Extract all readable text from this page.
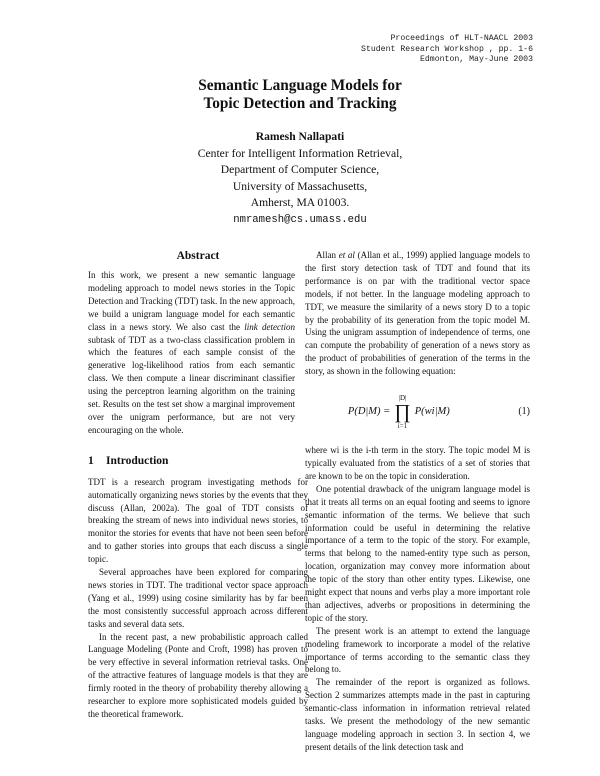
Proceedings of HLT-NAACL 2003
Student Research Workshop , pp. 1-6
Edmonton, May-June 2003
Semantic Language Models for
Topic Detection and Tracking
Ramesh Nallapati
Center for Intelligent Information Retrieval,
Department of Computer Science,
University of Massachusetts,
Amherst, MA 01003.
nmramesh@cs.umass.edu
Abstract

In this work, we present a new semantic language modeling approach to model news stories in the Topic Detection and Tracking (TDT) task. In the new approach, we build a unigram language model for each semantic class in a news story. We also cast the link detection subtask of TDT as a two-class classification problem in which the features of each sample consist of the generative log-likelihood ratios from each semantic class. We then compute a linear discriminant classifier using the perceptron learning algorithm on the training set. Results on the test set show a marginal improvement over the unigram performance, but are not very encouraging on the whole.

1 Introduction

TDT is a research program investigating methods for automatically organizing news stories by the events that they discuss (Allan, 2002a). The goal of TDT consists of breaking the stream of news into individual news stories, to monitor the stories for events that have not been seen before and to gather stories into groups that each discuss a single topic.

Several approaches have been explored for comparing news stories in TDT. The traditional vector space approach (Yang et al., 1999) using cosine similarity has by far been the most consistently successful approach across different tasks and several data sets.

In the recent past, a new probabilistic approach called Language Modeling (Ponte and Croft, 1998) has proven to be very effective in several information retrieval tasks. One of the attractive features of language models is that they are firmly rooted in the theory of probability thereby allowing a researcher to explore more sophisticated models guided by the theoretical framework.

Allan et al (Allan et al., 1999) applied language models to the first story detection task of TDT and found that its performance is on par with the traditional vector space models, if not better. In the language modeling approach to TDT, we measure the similarity of a news story D to a topic by the probability of its generation from the topic model M. Using the unigram assumption of independence of terms, one can compute the probability of generation of a news story as the product of probabilities of generation of the terms in the story, as shown in the following equation:

P(D|M) =
|D|
∏
i=1
P(wi|M)	(1)

where wi is the i-th term in the story. The topic model M is typically evaluated from the statistics of a set of stories that are known to be on the topic in consideration.

One potential drawback of the unigram language model is that it treats all terms on an equal footing and seems to ignore semantic information of the terms. We believe that such information could be useful in determining the relative importance of a term to the topic of the story. For example, terms that belong to the named-entity type such as person, location, organization may convey more information about the topic of the story than other entity types. Likewise, one might expect that nouns and verbs play a more important role than adjectives, adverbs or propositions in determining the topic of the story.

The present work is an attempt to extend the language modeling framework to incorporate a model of the relative importance of terms according to the semantic class they belong to.

The remainder of the report is organized as follows. Section 2 summarizes attempts made in the past in capturing semantic-class information in information retrieval related tasks. We present the methodology of the new semantic language modeling approach in section 3. In section 4, we present details of the link detection task and
